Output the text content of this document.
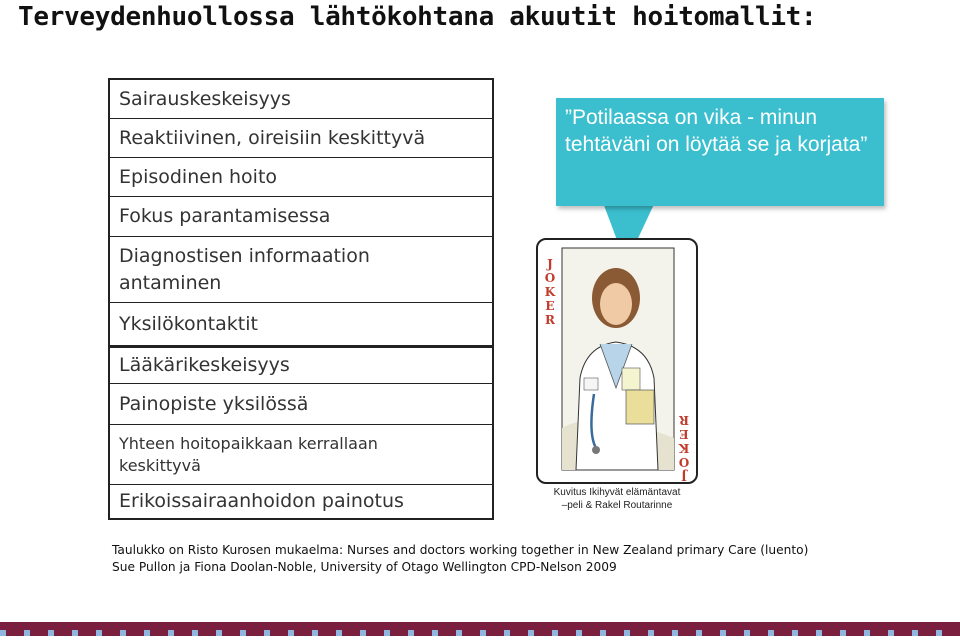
Terveydenhuollossa lähtökohtana akuutit hoitomallit:
Sairauskeskeisyys
Reaktiivinen, oireisiin keskittyvä
Episodinen hoito
Fokus parantamisessa
Diagnostisen informaation antaminen
Yksilökontaktit
Lääkärikeskeisyys
Painopiste yksilössä
Yhteen hoitopaikkaan kerrallaan keskittyvä
Erikoissairaanhoidon painotus
”Potilaassa on vika - minun tehtäväni on löytää se ja korjata”
J
O
K
E
R
J
O
K
E
R
Kuvitus Ikihyvät elämäntavat
–peli & Rakel Routarinne
Taulukko on Risto Kurosen mukaelma: Nurses and doctors working together in New Zealand primary Care (luento)
Sue Pullon ja Fiona Doolan-Noble, University of Otago Wellington CPD-Nelson 2009
